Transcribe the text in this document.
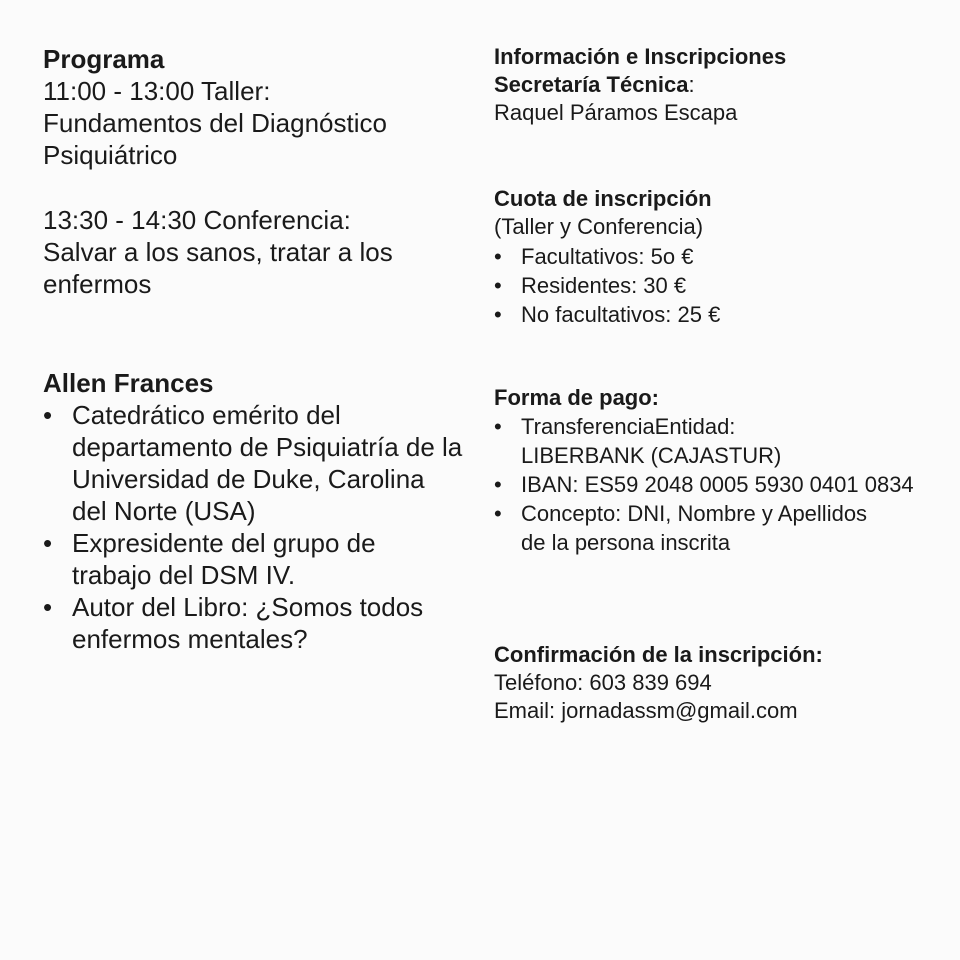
Programa
11:00 - 13:00 Taller:
Fundamentos del Diagnóstico
Psiquiátrico
13:30 - 14:30 Conferencia:
Salvar a los sanos, tratar a los
enfermos
Allen Frances
• Catedrático emérito del departamento de Psiquiatría de la Universidad de Duke, Carolina del Norte (USA)
• Expresidente del grupo de trabajo del DSM IV.
• Autor del Libro: ¿Somos todos enfermos mentales?
Información e Inscripciones
Secretaría Técnica:
Raquel Páramos Escapa
Cuota de inscripción
(Taller y Conferencia)
• Facultativos: 5o €
• Residentes: 30 €
• No facultativos: 25 €
Forma de pago:
• TransferenciaEntidad: LIBERBANK (CAJASTUR)
• IBAN: ES59 2048 0005 5930 0401 0834
• Concepto: DNI, Nombre y Apellidos de la persona inscrita
Confirmación de la inscripción:
Teléfono: 603 839 694
Email: jornadassm@gmail.com
